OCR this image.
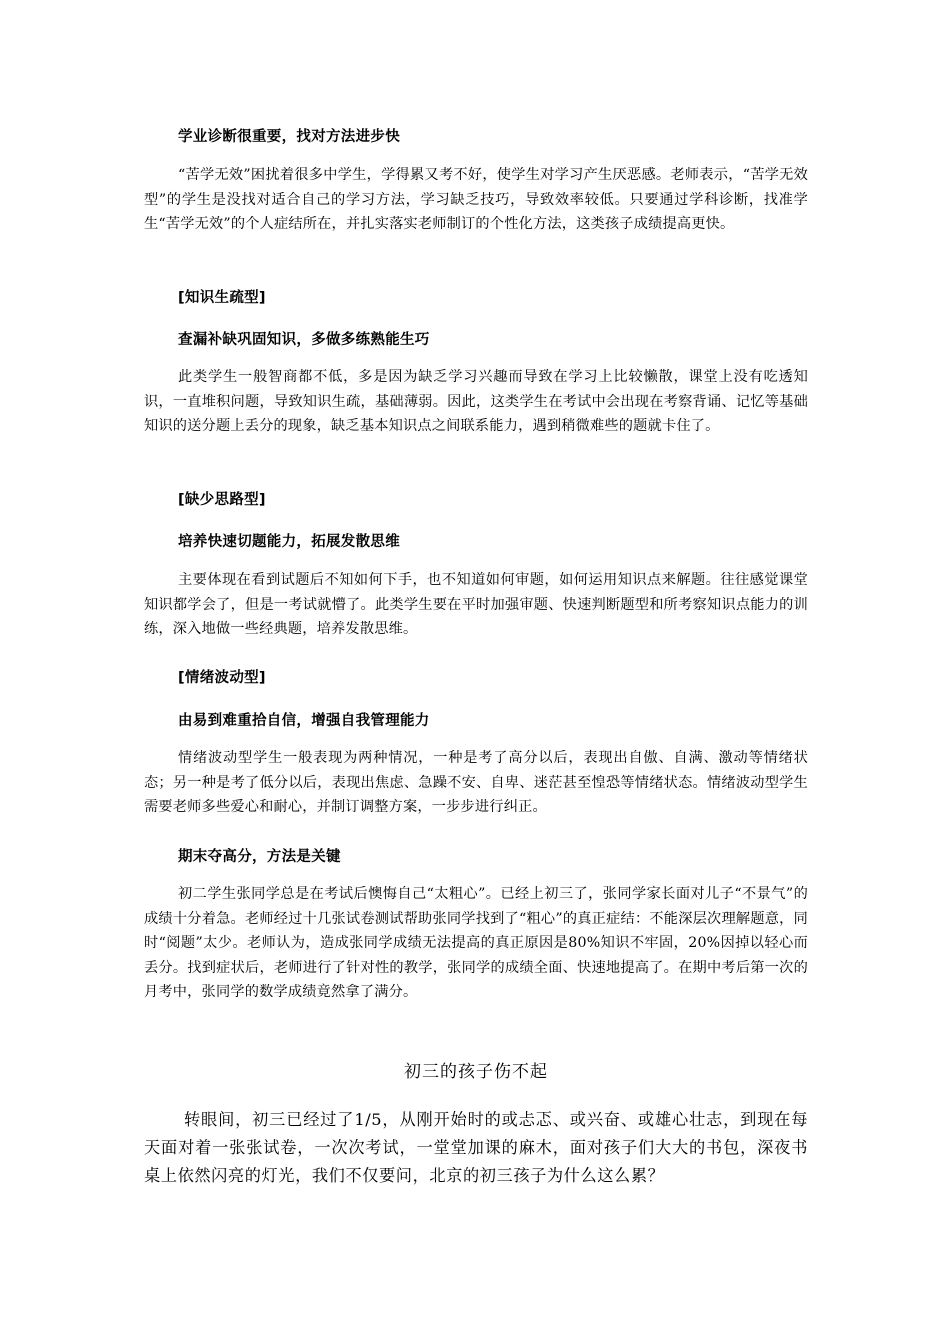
学业诊断很重要，找对方法进步快

“苦学无效”困扰着很多中学生，学得累又考不好，使学生对学习产生厌恶感。老师表示，“苦学无效型”的学生是没找对适合自己的学习方法，学习缺乏技巧，导致效率较低。只要通过学科诊断，找准学生“苦学无效”的个人症结所在，并扎实落实老师制订的个性化方法，这类孩子成绩提高更快。

[知识生疏型]

查漏补缺巩固知识，多做多练熟能生巧

此类学生一般智商都不低，多是因为缺乏学习兴趣而导致在学习上比较懒散，课堂上没有吃透知识，一直堆积问题，导致知识生疏，基础薄弱。因此，这类学生在考试中会出现在考察背诵、记忆等基础知识的送分题上丢分的现象，缺乏基本知识点之间联系能力，遇到稍微难些的题就卡住了。

[缺少思路型]

培养快速切题能力，拓展发散思维

主要体现在看到试题后不知如何下手，也不知道如何审题，如何运用知识点来解题。往往感觉课堂知识都学会了，但是一考试就懵了。此类学生要在平时加强审题、快速判断题型和所考察知识点能力的训练，深入地做一些经典题，培养发散思维。

[情绪波动型]

由易到难重拾自信，增强自我管理能力

情绪波动型学生一般表现为两种情况，一种是考了高分以后，表现出自傲、自满、激动等情绪状态；另一种是考了低分以后，表现出焦虑、急躁不安、自卑、迷茫甚至惶恐等情绪状态。情绪波动型学生需要老师多些爱心和耐心，并制订调整方案，一步步进行纠正。

期末夺高分，方法是关键

初二学生张同学总是在考试后懊悔自己“太粗心”。已经上初三了，张同学家长面对儿子“不景气”的成绩十分着急。老师经过十几张试卷测试帮助张同学找到了“粗心”的真正症结：不能深层次理解题意，同时“阅题”太少。老师认为，造成张同学成绩无法提高的真正原因是80%知识不牢固，20%因掉以轻心而丢分。找到症状后，老师进行了针对性的教学，张同学的成绩全面、快速地提高了。在期中考后第一次的月考中，张同学的数学成绩竟然拿了满分。

初三的孩子伤不起

转眼间，初三已经过了1/5，从刚开始时的或忐忑、或兴奋、或雄心壮志，到现在每天面对着一张张试卷，一次次考试，一堂堂加课的麻木，面对孩子们大大的书包，深夜书桌上依然闪亮的灯光，我们不仅要问，北京的初三孩子为什么这么累？
